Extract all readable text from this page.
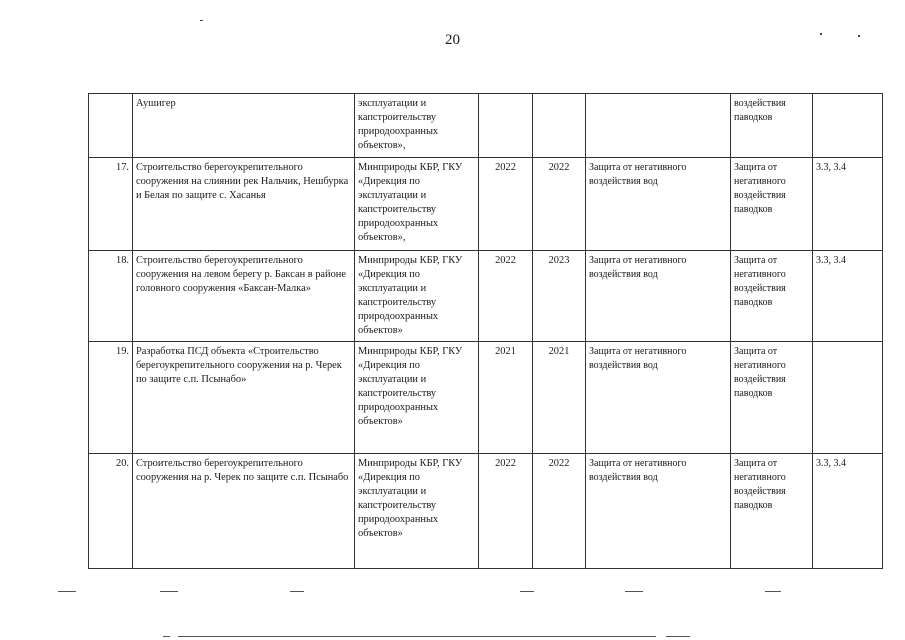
20
	Аушигер	эксплуатации и капстроительству природоохранных объектов»,				воздействия паводков	
17.	Строительство берегоукрепительного сооружения на слиянии рек Нальчик, Нешбурка и Белая по защите с. Хасанья	Минприроды КБР, ГКУ «Дирекция по эксплуатации и капстроительству природоохранных объектов»,	2022	2022	Защита от негативного воздействия вод	Защита от негативного воздействия паводков	3.3, 3.4
18.	Строительство берегоукрепительного сооружения на левом берегу р. Баксан в районе головного сооружения «Баксан-Малка»	Минприроды КБР, ГКУ «Дирекция по эксплуатации и капстроительству природоохранных объектов»	2022	2023	Защита от негативного воздействия вод	Защита от негативного воздействия паводков	3.3, 3.4
19.	Разработка ПСД объекта «Строительство берегоукрепительного сооружения на р. Черек по защите с.п. Псынабо»	Минприроды КБР, ГКУ «Дирекция по эксплуатации и капстроительству природоохранных объектов»	2021	2021	Защита от негативного воздействия вод	Защита от негативного воздействия паводков	
20.	Строительство берегоукрепительного сооружения на р. Черек по защите с.п. Псынабо	Минприроды КБР, ГКУ «Дирекция по эксплуатации и капстроительству природоохранных объектов»	2022	2022	Защита от негативного воздействия вод	Защита от негативного воздействия паводков	3.3, 3.4
